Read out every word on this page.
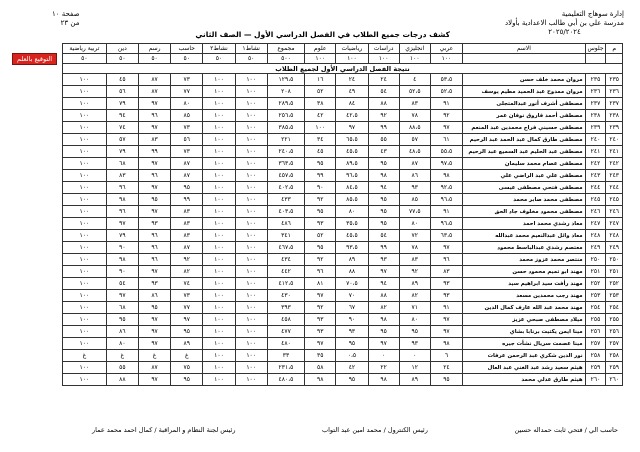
إدارة سوهاج التعليمية
مدرسة علي بن أبي طالب الاعدادية بأولاد
٢٠٢٥/٢٠٢٤
صفحة ١٠
من ٢٣
كشف درجات جميع الطلاب في الفصل الدراسي الأول — الصف الثاني
التوقيع بالعلم
م	جلوس	الاسم	عربي	انجليزي	دراسات	رياضيات	علوم	مجموع	نشاط١	نشاط٢	حاسب	رسم	دين	تربية رياضية
			١٠٠	١٠٠	١٠٠	١٠٠	١٠٠	٥٠٠	٥٠	٥٠	٥٠	٥٠	٥٠	٥٠
نتيجة الفصل الدراسي الأول لجميع الطلاب														
٢٣٥	٢٣٥	مروان محمد خلف حسن	٥٣،٥	٤	٢٤	٢٤	١٦	١٢٩،٥	١٠٠	١٠٠	٧٣	٨٧	٤٥	١٠٠
٢٣٦	٢٣٦	مروان ممدوح عبد الحميد مطيم يوسف	٥٢،٥	٥٢،٥	٥٤	٤٩	٥٢	٢٠٨	١٠٠	١٠٠	٧٧	٨٧	٥٦	١٠٠
٢٣٧	٢٣٧	مصطفى أشرف أنور عبدالمتجلى	٩١	٨٣	٨٨	٨٤	٣٨	٢٨٩،٥	١٠٠	١٠٠	٨٠	٩٧	٧٩	١٠٠
٢٣٨	٢٣٨	مصطفى أحمد فاروق نوفان عمر	٩٢	٧٨	٩٢	٤٢،٥	٤٢	٢٥٦،٥	١٠٠	١٠٠	٨٥	٩٦	٩٤	١٠٠
٢٣٩	٢٣٩	مصطفى حسيني فراج محمدين عبد المنعم	٩٧	٨٨،٥	٩٩	٩٧	١٠٠	٣٨٥،٥	١٠٠	١٠٠	٧٣	٩٧	٧٤	١٠٠
٢٤٠	٢٤٠	مصطفى طارق كمال عبد الحمد عبد الرحيم	٦١	٥٧	٥٥	٦٥،٥	٣٤	٢٢١	١٠٠	١٠٠	٥٦	٨٣	٥٧	١٠٠
٢٤١	٢٤١	مصطفى عبد الحليم عبد السميع عبد الرحيم	٥٥،٥	٤٨،٥	٤٣	٤٥،٥	٤٥	٢٤٠،٥	١٠٠	١٠٠	٧٣	٩٩	٧٩	١٠٠
٢٤٢	٢٤٢	مصطفى عصام محمد سليمان	٩٧،٥	٨٧	٩٥	٨٩،٥	٩٥	٣٦٣،٥	١٠٠	١٠٠	٨٧	٩٧	٦٨	١٠٠
٢٤٣	٢٤٣	مصطفى علي عبد الراضي علي	٩٨	٨٦	٩٨	٩٦،٥	٩٩	٤٥٧،٥	١٠٠	١٠٠	٨٧	٩٦	٨٣	١٠٠
٢٤٤	٢٤٤	مصطفى فتحي مصطفى عيسى	٩٢،٥	٩٣	٩٤	٨٤،٥	٩٠	٤٠٢،٥	١٠٠	١٠٠	٩٥	٩٧	٩٦	١٠٠
٢٤٥	٢٤٥	مصطفى محمد صابر محمد	٩٦،٥	٨٥	٩٥	٨٥،٥	٩٢	٤٣٣	١٠٠	١٠٠	٩٩	٩٥	٩٨	١٠٠
٢٤٦	٢٤٦	مصطفى محمود مخلوف جاد الحق	٩١	٧٧،٥	٩٥	٨٠	٩٥	٤٠٣،٥	١٠٠	١٠٠	٨٣	٩٧	٩٦	١٠٠
٢٤٧	٢٤٧	معاذ رشدي محمد احمد	٩٦،٥	٨٠	٩٥	٣٥،٥	٩٣	٤٨٦	١٠٠	١٠٠	٨٣	٩٣	٩٧	١٠٠
٢٤٨	٢٤٨	معاذ وائل عبدالنعيم محمد عبدالله	٦٣،٥	٧٢	٥٤	٤٥،٥	٥٢	٣٤١	١٠٠	١٠٠	٨٣	٩٦	٧٩	١٠٠
٢٤٩	٢٤٩	معتصم رشدي عبدالباسط محمود	٩٧	٧٨	٩٩	٩٣،٥	٩٥	٤٦٧،٥	١٠٠	١٠٠	٨٧	٩٦	٩٠	١٠٠
٢٥٠	٢٥٠	منتصر محمد عزوز محمد	٩٦	٨٣	٩٣	٨٩	٩٢	٤٣٤	١٠٠	١٠٠	٩٢	٩٦	٩٨	١٠٠
٢٥١	٢٥١	مهند ابو تميم محمود حسن	٨٣	٩٢	٩٧	٨٨	٩٦	٤٤٢	١٠٠	١٠٠	٨٢	٩٧	٩٠	١٠٠
٢٥٢	٢٥٢	مهند رأفت سيد ابراهيم سيد	٩٣	٨٩	٩٤	٧٠،٥	٨١	٤١٢،٥	١٠٠	١٠٠	٧٤	٩٣	٥٤	١٠٠
٢٥٣	٢٥٣	مهند رجب محمدين مسعد	٩٣	٨٢	٨٨	٧٠	٩٧	٤٣٠	١٠٠	١٠٠	٧٣	٨٦	٩٧	١٠٠
٢٥٤	٢٥٤	مهند محمد عبد الله عارف كمال الدين	٩١	٧١	٨٢	٦٧	٩٢	٣٩٣	١٠٠	١٠٠	٧٧	٩٥	٦٨	١٠٠
٢٥٥	٢٥٥	ميلاد مصطفى صبحي عزيز	٩٧	٨٠	٩٨	٩٠	٩٣	٤٥٨	١٠٠	١٠٠	٩٧	٩٧	٩٥	١٠٠
٢٥٦	٢٥٦	مينا ايمن يكتيت برنابا بشاي	٩٧	٩٥	٩٥	٩٣	٩٣	٤٧٧	١٠٠	١٠٠	٩٥	٩٧	٨٦	١٠٠
٢٥٧	٢٥٧	مينا عصمت سريال نشأت جيره	٩٨	٩٣	٩٧	٩٥	٩٧	٤٨٠	١٠٠	١٠٠	٨٩	٩٧	٨٠	١٠٠
٢٥٨	٢٥٨	نور الدين شكري عبد الرحمن عرفات	٦	٠	٠	٠،٥	٣٥	٣٣	١٠٠	١٠٠	غ	غ	غ	غ
٢٥٩	٢٥٩	هيثم سعيد رشد عبد الغني عبد العال	٢٤	١٢	٢٢	٤٢	٥٨	٢٣١،٥	١٠٠	١٠٠	٧٥	٨٧	٥٥	١٠٠
٢٦٠	٢٦٠	هيثم طارق عدلي محمد	٩٥	٨٩	٩٨	٩٥	٩٨	٤٨٠،٥	١٠٠	١٠٠	٩٥	٩٧	٨٨	١٠٠
حاسب الي / فتحي ثابت حمداله حسين
رئيس الكنترول / محمد امين عبد التواب
رئيس لجنة النظام و المراقبة / كمال احمد محمد عمار
